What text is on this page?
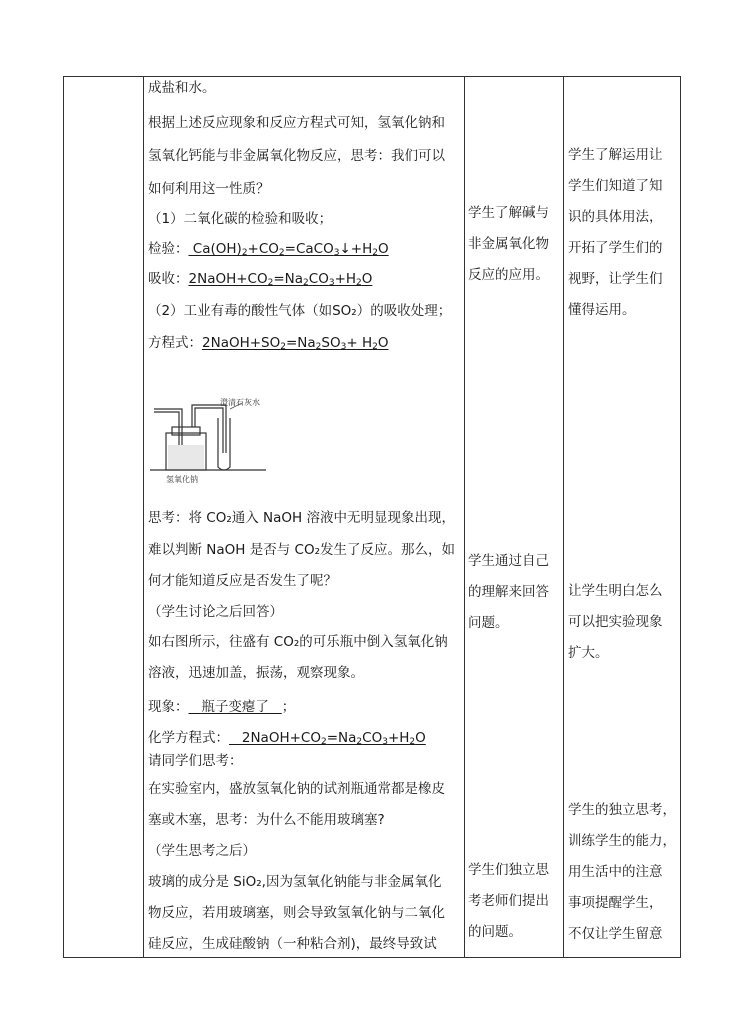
成盐和水。
根据上述反应现象和反应方程式可知，氢氧化钠和
氢氧化钙能与非金属氧化物反应，思考：我们可以
如何利用这一性质？
（1）二氧化碳的检验和吸收；
检验： $Ca(OH)_2+CO_2=CaCO_3↓+H_2O$
吸收：$2NaOH+CO_2=Na_2CO_3+H_2O$
（2）工业有毒的酸性气体（如SO₂）的吸收处理；
方程式：$2NaOH+SO_2=Na_2SO_3+ H_2O$
澄清石灰水
氢氧化钠
思考：将 CO₂通入 NaOH 溶液中无明显现象出现，
难以判断 NaOH 是否与 CO₂发生了反应。那么，如
何才能知道反应是否发生了呢？
（学生讨论之后回答）
如右图所示，往盛有 CO₂的可乐瓶中倒入氢氧化钠
溶液，迅速加盖，振荡，观察现象。
现象： 瓶子变瘪了 ；
化学方程式：   $2NaOH+CO_2=Na_2CO_3+H_2O$
请同学们思考：
在实验室内，盛放氢氧化钠的试剂瓶通常都是橡皮
塞或木塞，思考：为什么不能用玻璃塞?
（学生思考之后）
玻璃的成分是 SiO₂,因为氢氧化钠能与非金属氧化
物反应，若用玻璃塞，则会导致氢氧化钠与二氧化
硅反应，生成硅酸钠（一种粘合剂)，最终导致试
学生了解碱与
非金属氧化物
反应的应用。
学生通过自己
的理解来回答
问题。
学生们独立思
考老师们提出
的问题。
学生了解运用让
学生们知道了知
识的具体用法，
开拓了学生们的
视野，让学生们
懂得运用。
让学生明白怎么
可以把实验现象
扩大。
学生的独立思考，
训练学生的能力，
用生活中的注意
事项提醒学生，
不仅让学生留意
